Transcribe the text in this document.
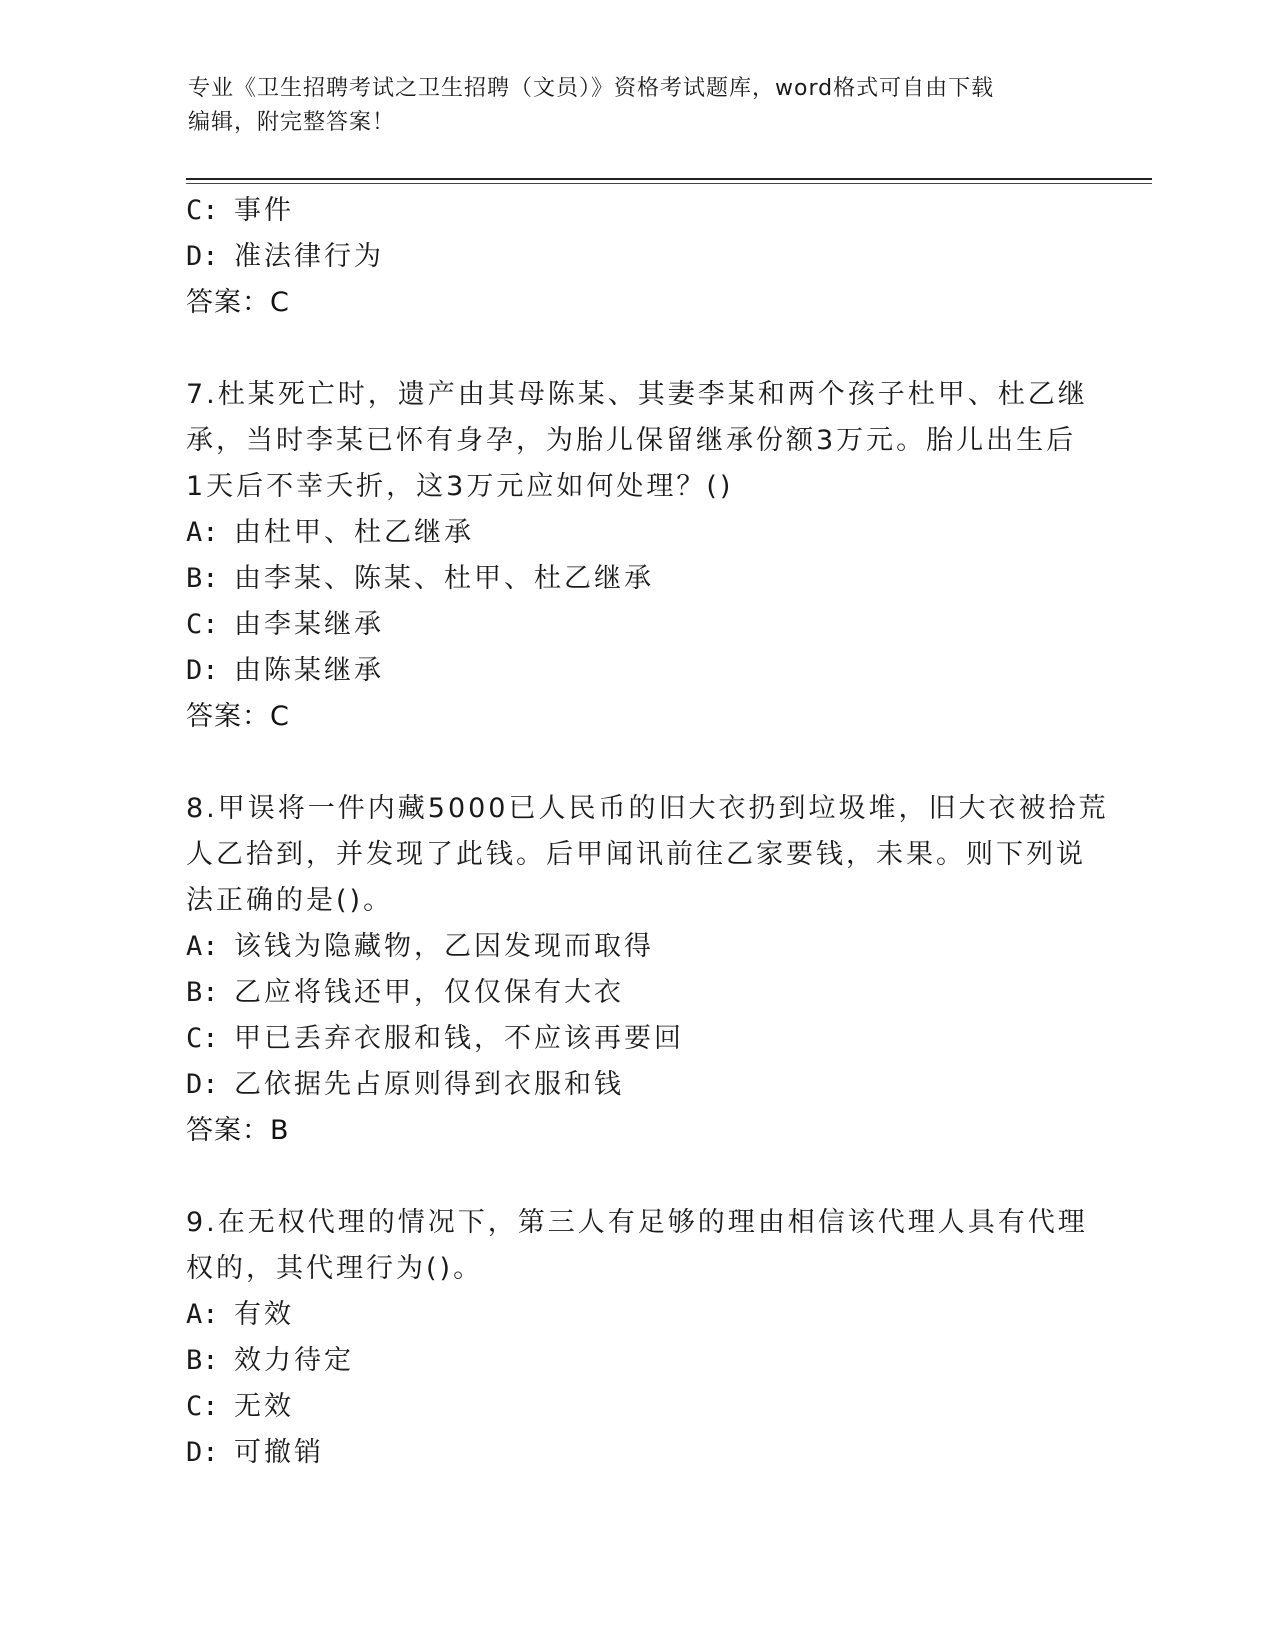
专业《卫生招聘考试之卫生招聘（文员）》资格考试题库，word格式可自由下载
编辑，附完整答案！
C: 事件
D: 准法律行为
答案：C
7.杜某死亡时，遗产由其母陈某、其妻李某和两个孩子杜甲、杜乙继
承，当时李某已怀有身孕，为胎儿保留继承份额3万元。胎儿出生后
1天后不幸夭折，这3万元应如何处理？()
A: 由杜甲、杜乙继承
B: 由李某、陈某、杜甲、杜乙继承
C: 由李某继承
D: 由陈某继承
答案：C
8.甲误将一件内藏5000已人民币的旧大衣扔到垃圾堆，旧大衣被拾荒
人乙拾到，并发现了此钱。后甲闻讯前往乙家要钱，未果。则下列说
法正确的是()。
A: 该钱为隐藏物，乙因发现而取得
B: 乙应将钱还甲，仅仅保有大衣
C: 甲已丢弃衣服和钱，不应该再要回
D: 乙依据先占原则得到衣服和钱
答案：B
9.在无权代理的情况下，第三人有足够的理由相信该代理人具有代理
权的，其代理行为()。
A: 有效
B: 效力待定
C: 无效
D: 可撤销
